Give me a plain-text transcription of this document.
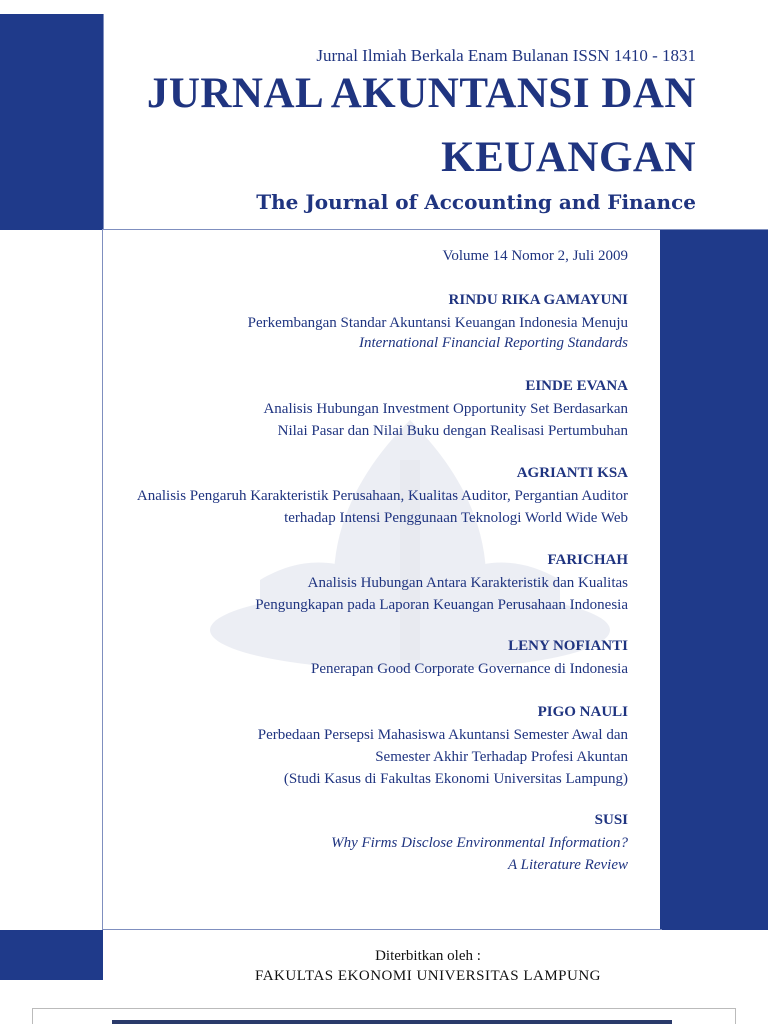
Jurnal Ilmiah Berkala Enam Bulanan ISSN 1410 - 1831
JURNAL AKUNTANSI DAN
KEUANGAN
The Journal of Accounting and Finance
Volume 14 Nomor 2, Juli 2009
RINDU RIKA GAMAYUNI
Perkembangan Standar Akuntansi Keuangan Indonesia Menuju
International Financial Reporting Standards
EINDE EVANA
Analisis Hubungan Investment Opportunity Set Berdasarkan
Nilai Pasar dan Nilai Buku dengan Realisasi Pertumbuhan
AGRIANTI KSA
Analisis Pengaruh Karakteristik Perusahaan, Kualitas Auditor, Pergantian Auditor
terhadap Intensi Penggunaan Teknologi World Wide Web
FARICHAH
Analisis Hubungan Antara Karakteristik dan Kualitas
Pengungkapan pada Laporan Keuangan Perusahaan Indonesia
LENY NOFIANTI
Penerapan Good Corporate Governance di Indonesia
PIGO NAULI
Perbedaan Persepsi Mahasiswa Akuntansi Semester Awal dan
Semester Akhir Terhadap Profesi Akuntan
(Studi Kasus di Fakultas Ekonomi Universitas Lampung)
SUSI
Why Firms Disclose Environmental Information?
A Literature Review
Diterbitkan oleh :
FAKULTAS EKONOMI UNIVERSITAS LAMPUNG
